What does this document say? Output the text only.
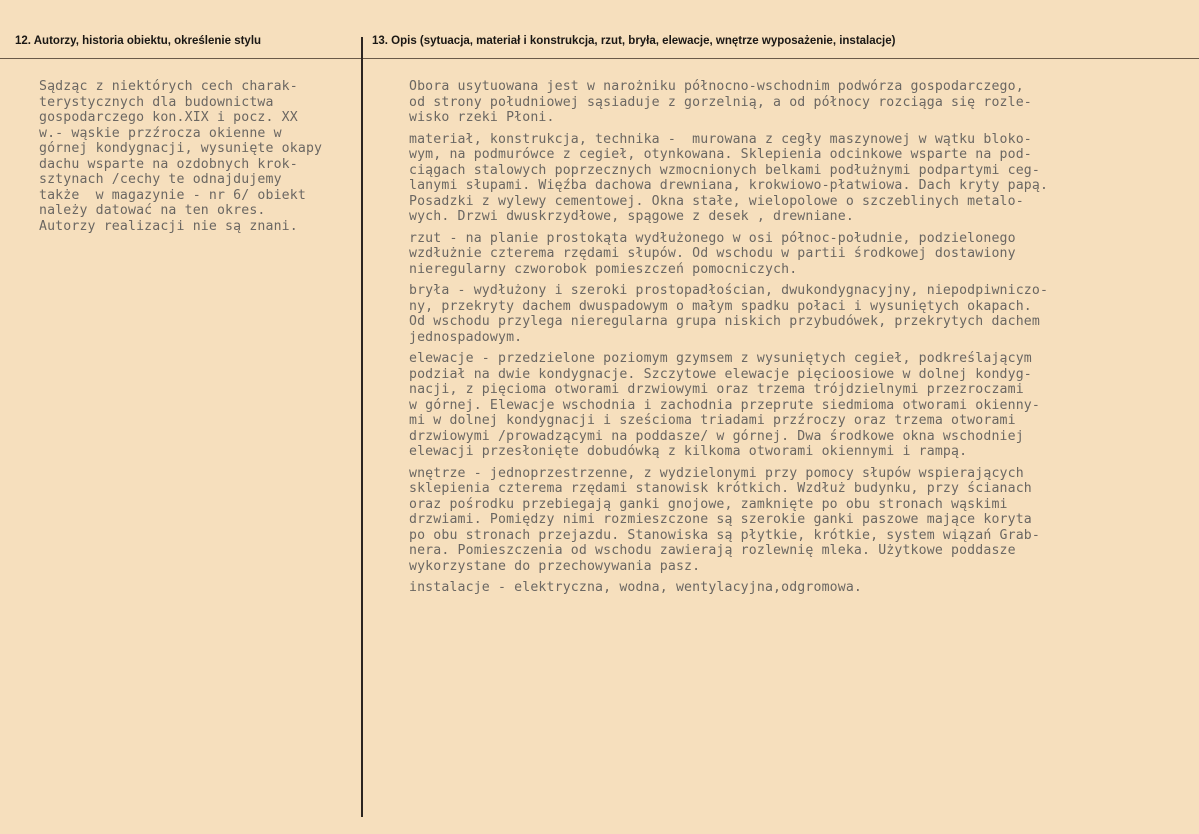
12. Autorzy, historia obiektu, określenie stylu	13. Opis (sytuacja, materiał i konstrukcja, rzut, bryła, elewacje, wnętrze wyposażenie, instalacje)
Sądząc z niektórych cech charak-
terystycznych dla budownictwa
gospodarczego kon.XIX i pocz. XX
w.- wąskie przźrocza okienne w
górnej kondygnacji, wysunięte okapy
dachu wsparte na ozdobnych krok-
sztynach /cechy te odnajdujemy
także  w magazynie - nr 6/ obiekt
należy datować na ten okres.
Autorzy realizacji nie są znani.
Obora usytuowana jest w narożniku północno-wschodnim podwórza gospodarczego,
od strony południowej sąsiaduje z gorzelnią, a od północy rozciąga się rozle-
wisko rzeki Płoni.
materiał, konstrukcja, technika -  murowana z cegły maszynowej w wątku bloko-
wym, na podmurówce z cegieł, otynkowana. Sklepienia odcinkowe wsparte na pod-
ciągach stalowych poprzecznych wzmocnionych belkami podłużnymi podpartymi ceg-
lanymi słupami. Więźba dachowa drewniana, krokwiowo-płatwiowa. Dach kryty papą.
Posadzki z wylewy cementowej. Okna stałe, wielopolowe o szczeblinych metalo-
wych. Drzwi dwuskrzydłowe, spągowe z desek , drewniane.
rzut - na planie prostokąta wydłużonego w osi północ-południe, podzielonego
wzdłużnie czterema rzędami słupów. Od wschodu w partii środkowej dostawiony
nieregularny czworobok pomieszczeń pomocniczych.
bryła - wydłużony i szeroki prostopadłościan, dwukondygnacyjny, niepodpiwniczo-
ny, przekryty dachem dwuspadowym o małym spadku połaci i wysuniętych okapach.
Od wschodu przylega nieregularna grupa niskich przybudówek, przekrytych dachem
jednospadowym.
elewacje - przedzielone poziomym gzymsem z wysuniętych cegieł, podkreślającym
podział na dwie kondygnacje. Szczytowe elewacje pięcioosiowe w dolnej kondyg-
nacji, z pięcioma otworami drzwiowymi oraz trzema trójdzielnymi przezroczami
w górnej. Elewacje wschodnia i zachodnia przeprute siedmioma otworami okienny-
mi w dolnej kondygnacji i sześcioma triadami przźroczy oraz trzema otworami
drzwiowymi /prowadzącymi na poddasze/ w górnej. Dwa środkowe okna wschodniej
elewacji przesłonięte dobudówką z kilkoma otworami okiennymi i rampą.
wnętrze - jednoprzestrzenne, z wydzielonymi przy pomocy słupów wspierających
sklepienia czterema rzędami stanowisk krótkich. Wzdłuż budynku, przy ścianach
oraz pośrodku przebiegają ganki gnojowe, zamknięte po obu stronach wąskimi
drzwiami. Pomiędzy nimi rozmieszczone są szerokie ganki paszowe mające koryta
po obu stronach przejazdu. Stanowiska są płytkie, krótkie, system wiązań Grab-
nera. Pomieszczenia od wschodu zawierają rozlewnię mleka. Użytkowe poddasze
wykorzystane do przechowywania pasz.
instalacje - elektryczna, wodna, wentylacyjna,odgromowa.
